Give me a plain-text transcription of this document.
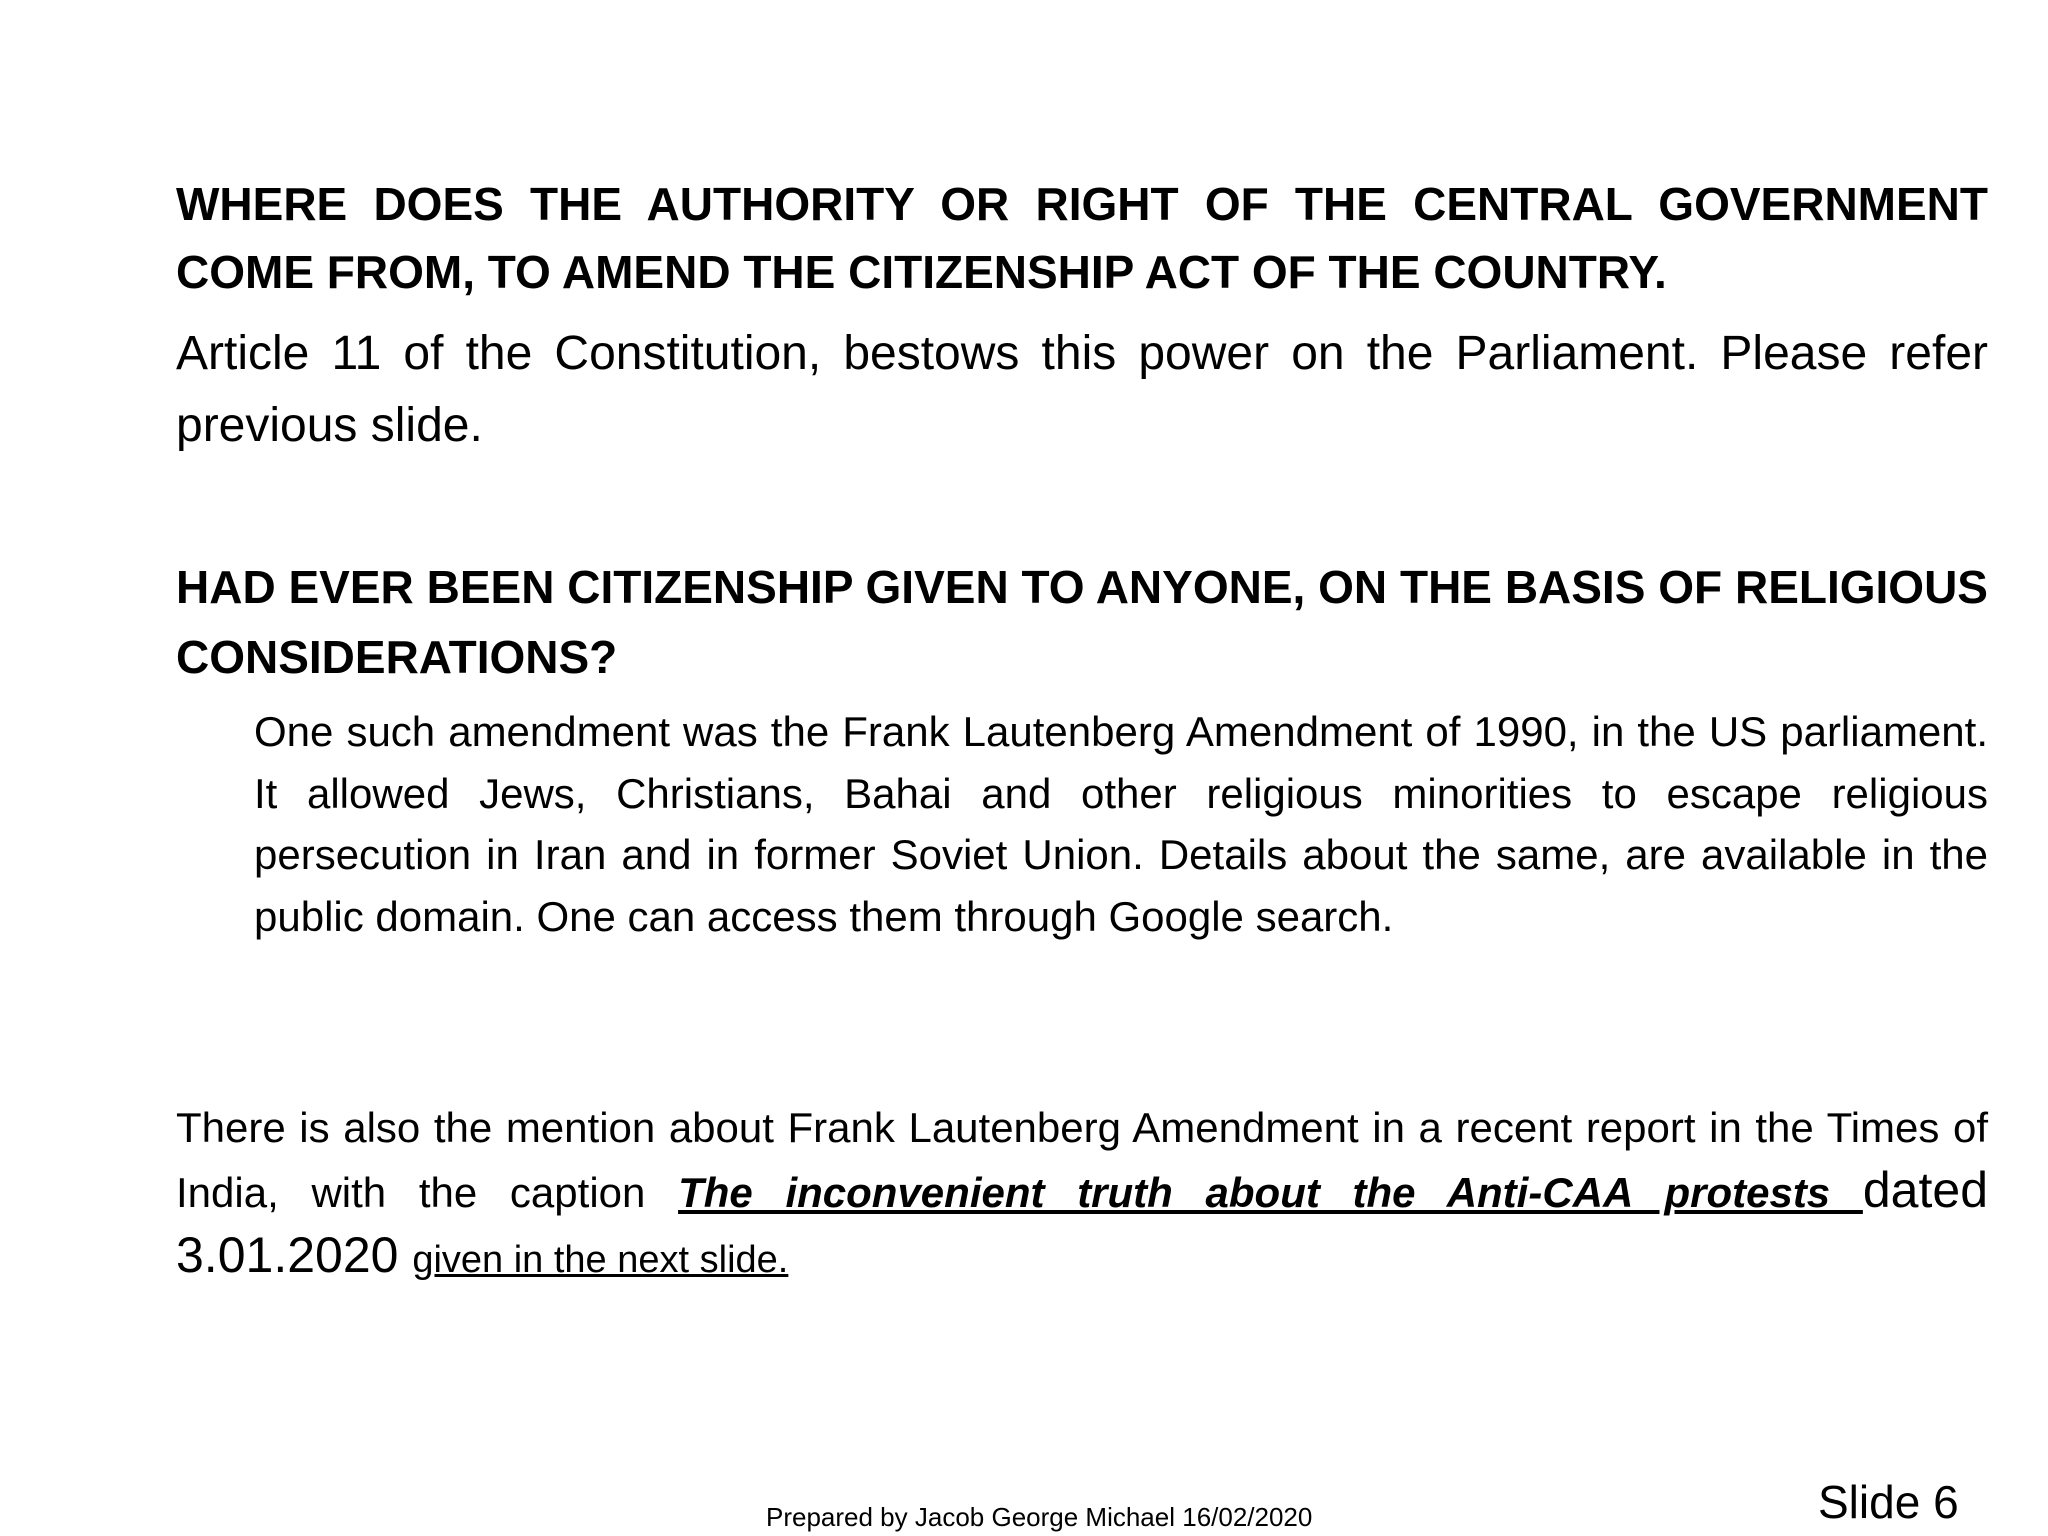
WHERE DOES THE AUTHORITY OR RIGHT OF THE CENTRAL GOVERNMENT COME FROM, TO AMEND THE CITIZENSHIP ACT OF THE COUNTRY.

Article 11 of the Constitution, bestows this power on the Parliament. Please refer previous slide.

HAD EVER BEEN CITIZENSHIP GIVEN TO ANYONE, ON THE BASIS OF RELIGIOUS CONSIDERATIONS?

One such amendment was the Frank Lautenberg Amendment of 1990, in the US parliament. It allowed Jews, Christians, Bahai and other religious minorities to escape religious persecution in Iran and in former Soviet Union. Details about the same, are available in the public domain. One can access them through Google search.

There is also the mention about Frank Lautenberg Amendment in a recent report in the Times of India, with the caption The inconvenient truth about the Anti-CAA protests dated 3.01.2020 given in the next slide.

Prepared by Jacob George Michael 16/02/2020	Slide 6
